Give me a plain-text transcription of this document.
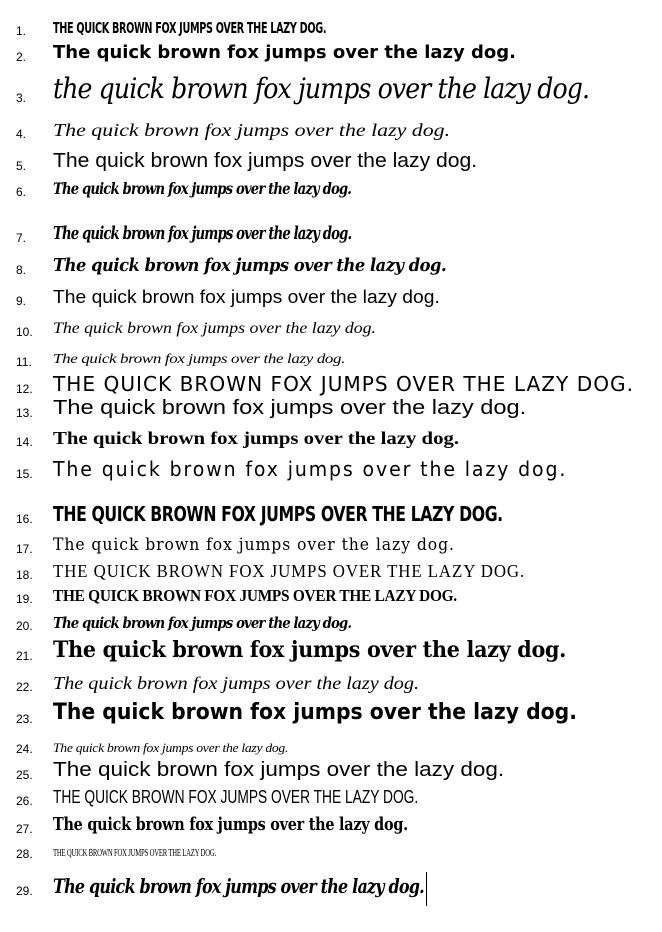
1.	THE QUICK BROWN FOX JUMPS OVER THE LAZY DOG.
2.	The quick brown fox jumps over the lazy dog.
3. the quick brown fox jumps over the lazy dog.
4.	The quick brown fox jumps over the lazy dog.
5.	The quick brown fox jumps over the lazy dog.
6.	The quick brown fox jumps over the lazy dog.
7.	The quick brown fox jumps over the lazy dog.
8.	The quick brown fox jumps over the lazy dog.
9.	The quick brown fox jumps over the lazy dog.
10.	The quick brown fox jumps over the lazy dog.
11.	The quick brown fox jumps over the lazy dog.
12.	THE QUICK BROWN FOX JUMPS OVER THE LAZY DOG.
13.	The quick brown fox jumps over the lazy dog.
14.	The quick brown fox jumps over the lazy dog.
15.	The quick brown fox jumps over the lazy dog.
16.	THE QUICK BROWN FOX JUMPS OVER THE LAZY DOG.
17.	The quick brown fox jumps over the lazy dog.
18.	THE QUICK BROWN FOX JUMPS OVER THE LAZY DOG.
19.	THE QUICK BROWN FOX JUMPS OVER THE LAZY DOG.
20.	The quick brown fox jumps over the lazy dog.
21. The quick brown fox jumps over the lazy dog.
22.	The quick brown fox jumps over the lazy dog.
23. The quick brown fox jumps over the lazy dog.
24.	The quick brown fox jumps over the lazy dog.
25.	The quick brown fox jumps over the lazy dog.
26.	THE QUICK BROWN FOX JUMPS OVER THE LAZY DOG.
27.	The quick brown fox jumps over the lazy dog.
28.	THE QUICK BROWN FOX JUMPS OVER THE LAZY DOG.
29.	The quick brown fox jumps over the lazy dog.
